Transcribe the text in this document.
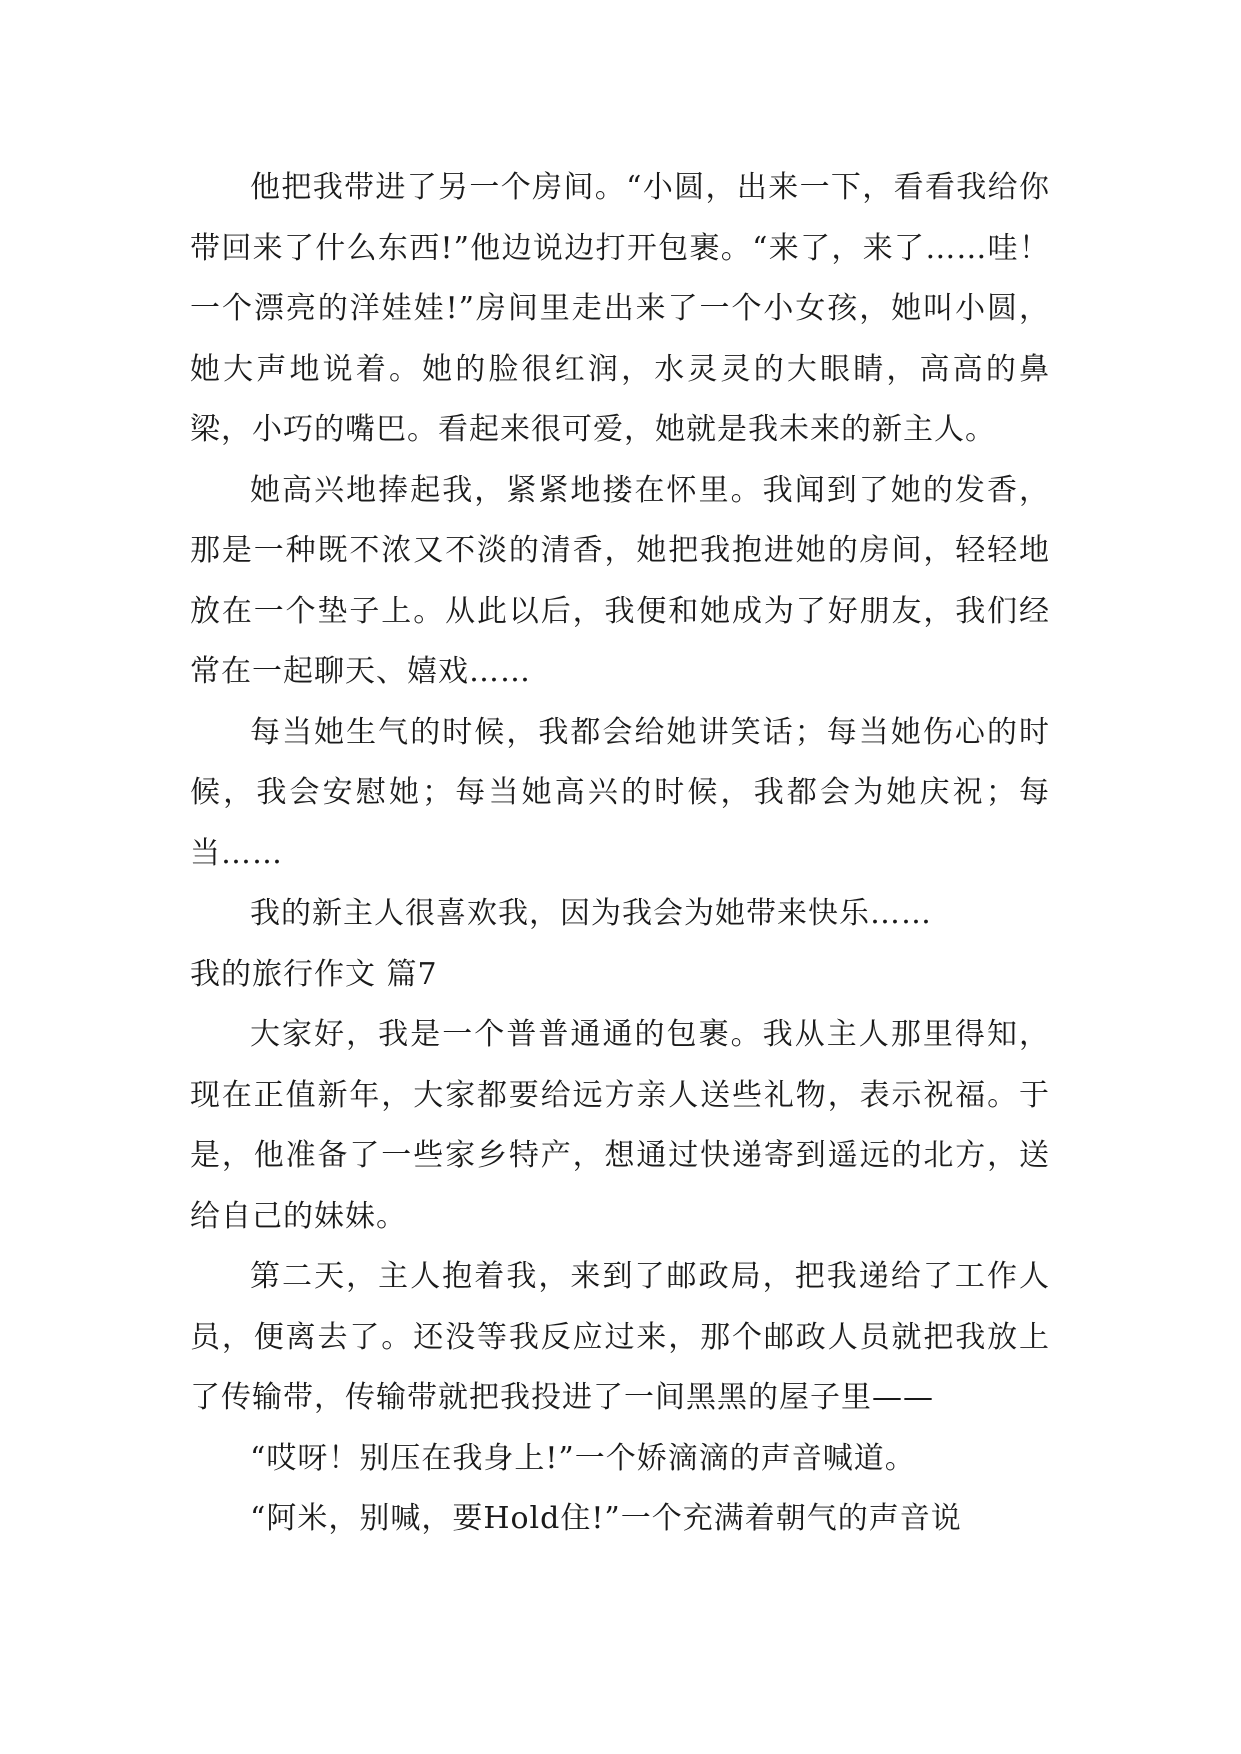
他把我带进了另一个房间。“小圆，出来一下，看看我给你带回来了什么东西!”他边说边打开包裹。“来了，来了……哇！一个漂亮的洋娃娃!”房间里走出来了一个小女孩，她叫小圆，她大声地说着。她的脸很红润，水灵灵的大眼睛，高高的鼻梁，小巧的嘴巴。看起来很可爱，她就是我未来的新主人。

她高兴地捧起我，紧紧地搂在怀里。我闻到了她的发香，那是一种既不浓又不淡的清香，她把我抱进她的房间，轻轻地放在一个垫子上。从此以后，我便和她成为了好朋友，我们经常在一起聊天、嬉戏……

每当她生气的时候，我都会给她讲笑话；每当她伤心的时候，我会安慰她；每当她高兴的时候，我都会为她庆祝；每当……

我的新主人很喜欢我，因为我会为她带来快乐……

我的旅行作文 篇7

大家好，我是一个普普通通的包裹。我从主人那里得知，现在正值新年，大家都要给远方亲人送些礼物，表示祝福。于是，他准备了一些家乡特产，想通过快递寄到遥远的北方，送给自己的妹妹。

第二天，主人抱着我，来到了邮政局，把我递给了工作人员，便离去了。还没等我反应过来，那个邮政人员就把我放上了传输带，传输带就把我投进了一间黑黑的屋子里——

“哎呀！别压在我身上!”一个娇滴滴的声音喊道。

“阿米，别喊，要Hold住!”一个充满着朝气的声音说
